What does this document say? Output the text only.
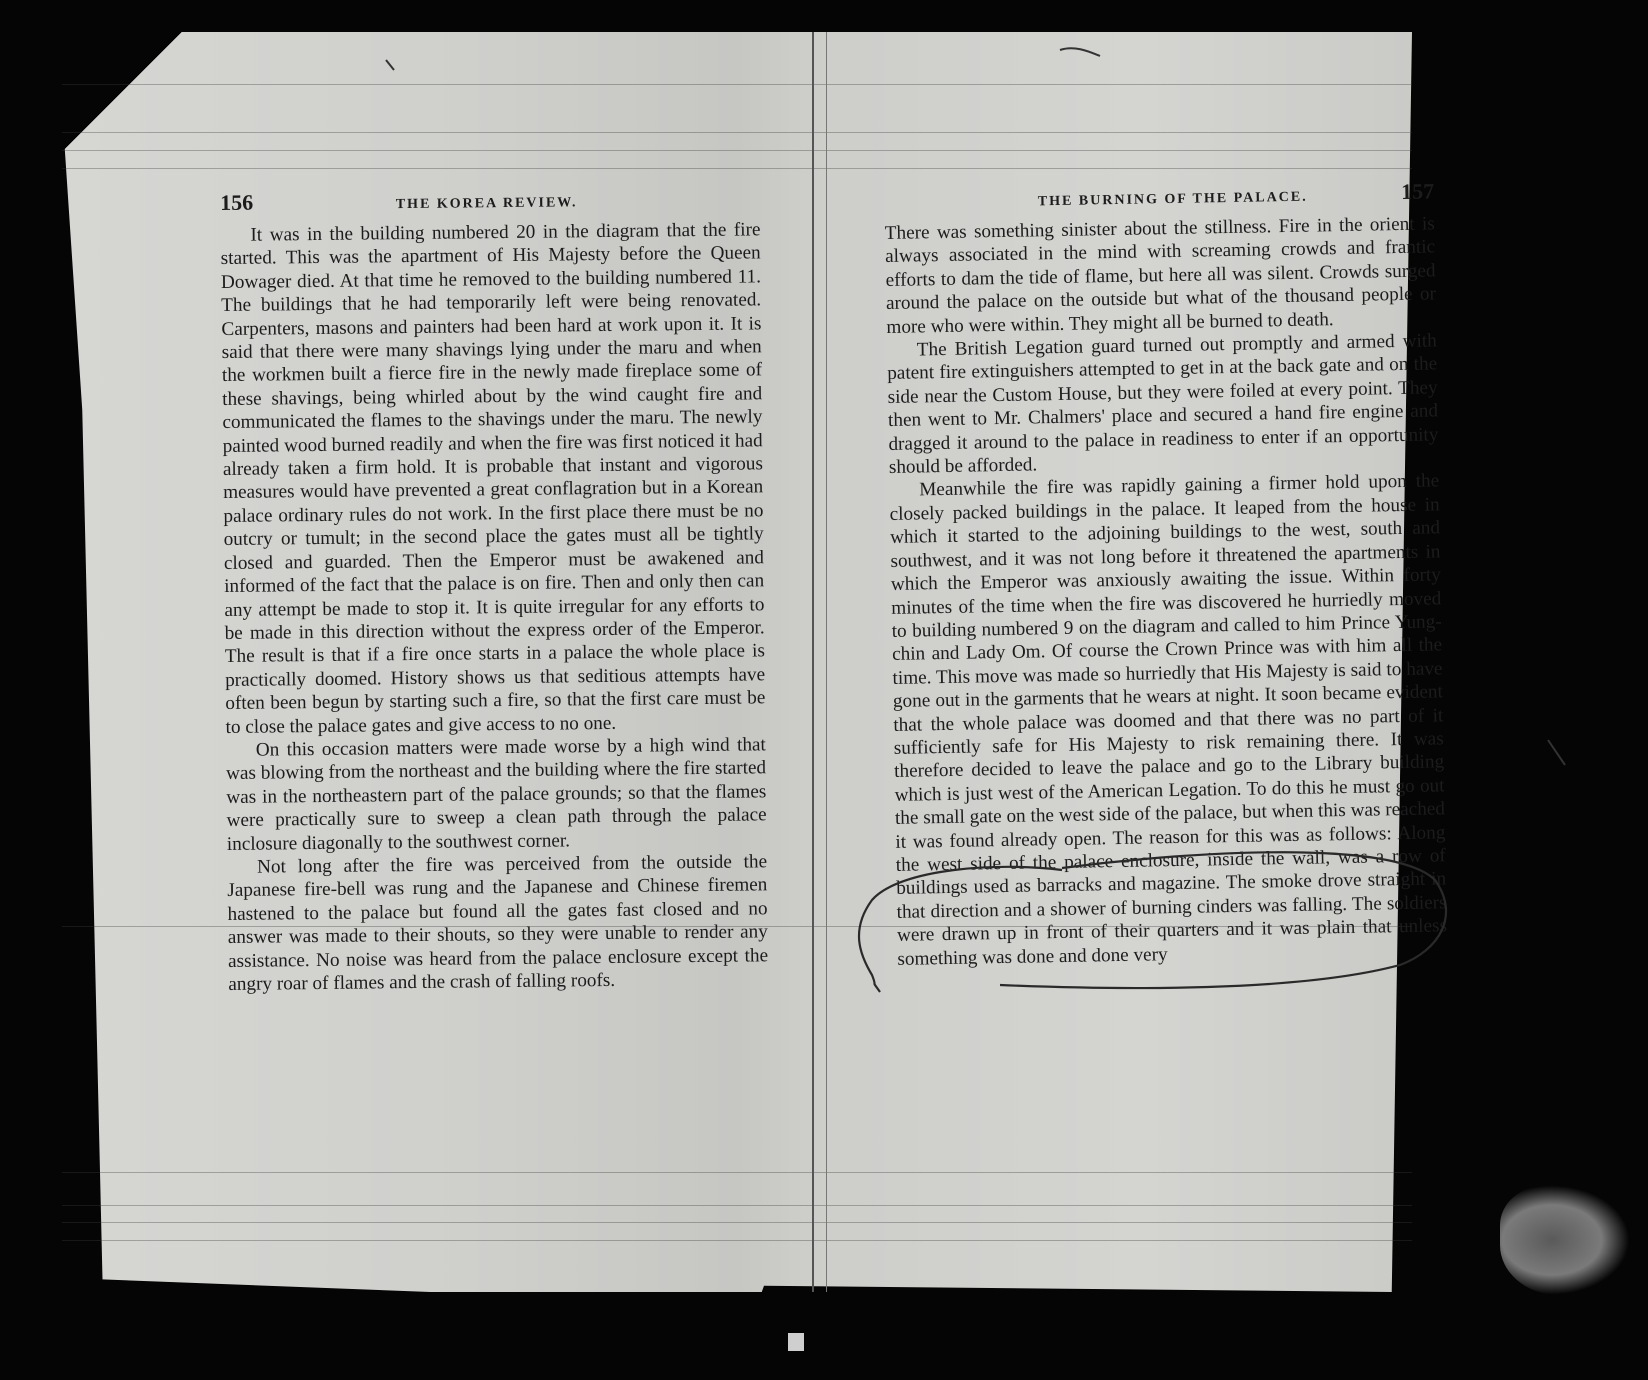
156	THE KOREA REVIEW.

It was in the building numbered 20 in the diagram that the fire started. This was the apartment of His Majesty before the Queen Dowager died. At that time he removed to the building numbered 11. The buildings that he had temporarily left were being renovated. Carpenters, masons and painters had been hard at work upon it. It is said that there were many shavings lying under the maru and when the workmen built a fierce fire in the newly made fireplace some of these shavings, being whirled about by the wind caught fire and communicated the flames to the shavings under the maru. The newly painted wood burned readily and when the fire was first noticed it had already taken a firm hold. It is probable that instant and vigorous measures would have prevented a great conflagration but in a Korean palace ordinary rules do not work. In the first place there must be no outcry or tumult; in the second place the gates must all be tightly closed and guarded. Then the Emperor must be awakened and informed of the fact that the palace is on fire. Then and only then can any attempt be made to stop it. It is quite irregular for any efforts to be made in this direction without the express order of the Emperor. The result is that if a fire once starts in a palace the whole place is practically doomed. History shows us that seditious attempts have often been begun by starting such a fire, so that the first care must be to close the palace gates and give access to no one.

On this occasion matters were made worse by a high wind that was blowing from the northeast and the building where the fire started was in the northeastern part of the palace grounds; so that the flames were practically sure to sweep a clean path through the palace inclosure diagonally to the southwest corner.

Not long after the fire was perceived from the outside the Japanese fire-bell was rung and the Japanese and Chinese firemen hastened to the palace but found all the gates fast closed and no answer was made to their shouts, so they were unable to render any assistance. No noise was heard from the palace enclosure except the angry roar of flames and the crash of falling roofs.

THE BURNING OF THE PALACE.	157

There was something sinister about the stillness. Fire in the orient is always associated in the mind with screaming crowds and frantic efforts to dam the tide of flame, but here all was silent. Crowds surged around the palace on the outside but what of the thousand people or more who were within. They might all be burned to death.

The British Legation guard turned out promptly and armed with patent fire extinguishers attempted to get in at the back gate and on the side near the Custom House, but they were foiled at every point. They then went to Mr. Chalmers' place and secured a hand fire engine and dragged it around to the palace in readiness to enter if an opportunity should be afforded.

Meanwhile the fire was rapidly gaining a firmer hold upon the closely packed buildings in the palace. It leaped from the house in which it started to the adjoining buildings to the west, south and southwest, and it was not long before it threatened the apartments in which the Emperor was anxiously awaiting the issue. Within forty minutes of the time when the fire was discovered he hurriedly moved to building numbered 9 on the diagram and called to him Prince Yung-chin and Lady Om. Of course the Crown Prince was with him all the time. This move was made so hurriedly that His Majesty is said to have gone out in the garments that he wears at night. It soon became evident that the whole palace was doomed and that there was no part of it sufficiently safe for His Majesty to risk remaining there. It was therefore decided to leave the palace and go to the Library building which is just west of the American Legation. To do this he must go out the small gate on the west side of the palace, but when this was reached it was found already open. The reason for this was as follows: Along the west side of the palace enclosure, inside the wall, was a row of buildings used as barracks and magazine. The smoke drove straight in that direction and a shower of burning cinders was falling. The soldiers were drawn up in front of their quarters and it was plain that unless something was done and done very
